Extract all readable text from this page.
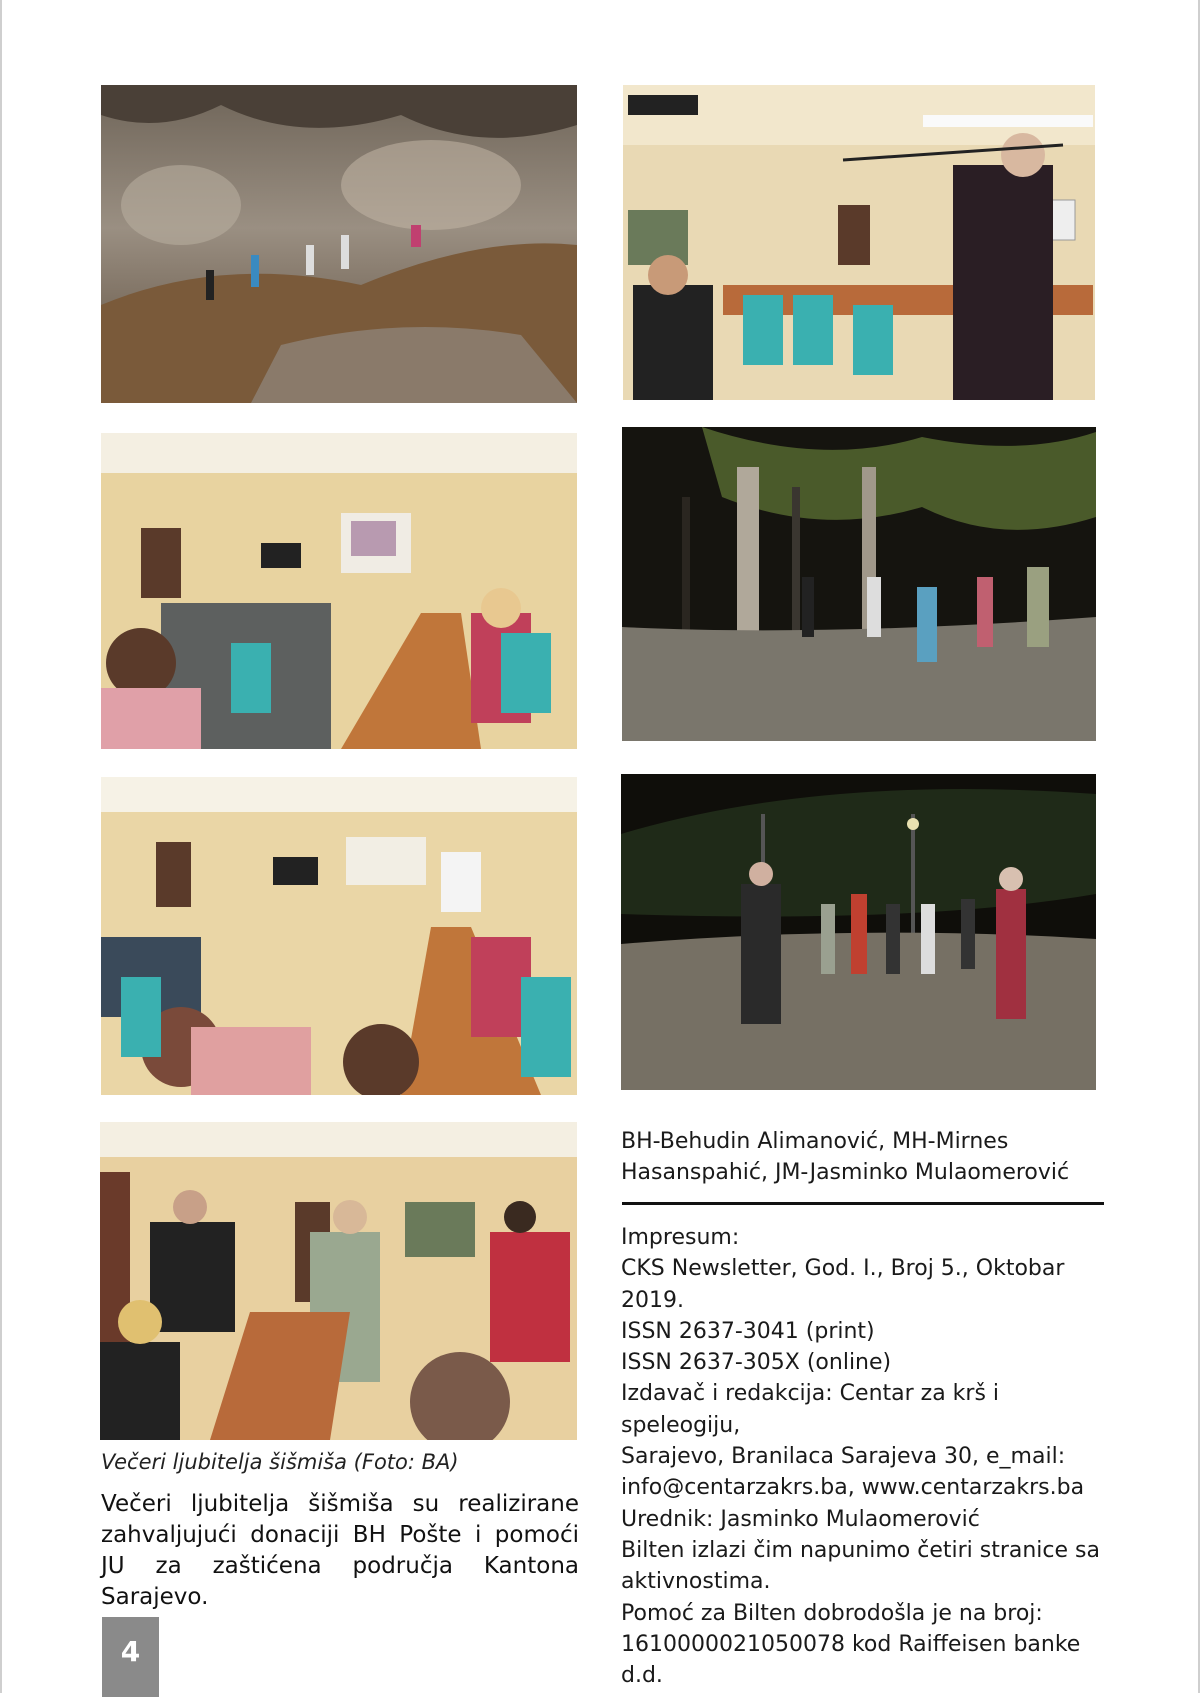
Večeri ljubitelja šišmiša (Foto: BA)
Večeri ljubitelja šišmiša su realizirane zahvaljujući donaciji BH Pošte i pomoći JU za zaštićena područja Kantona Sarajevo.
BH-Behudin Alimanović, MH-Mirnes
Hasanspahić, JM-Jasminko Mulaomerović
Impresum:
CKS Newsletter, God. I., Broj 5., Oktobar
2019.
ISSN 2637-3041 (print)
ISSN 2637-305X (online)
Izdavač i redakcija: Centar za krš i speleogiju,
Sarajevo, Branilaca Sarajeva 30, e_mail:
info@centarzakrs.ba, www.centarzakrs.ba
Urednik: Jasminko Mulaomerović
Bilten izlazi čim napunimo četiri stranice sa
aktivnostima.
Pomoć za Bilten dobrodošla je na broj:
1610000021050078 kod Raiffeisen banke d.d.
4
